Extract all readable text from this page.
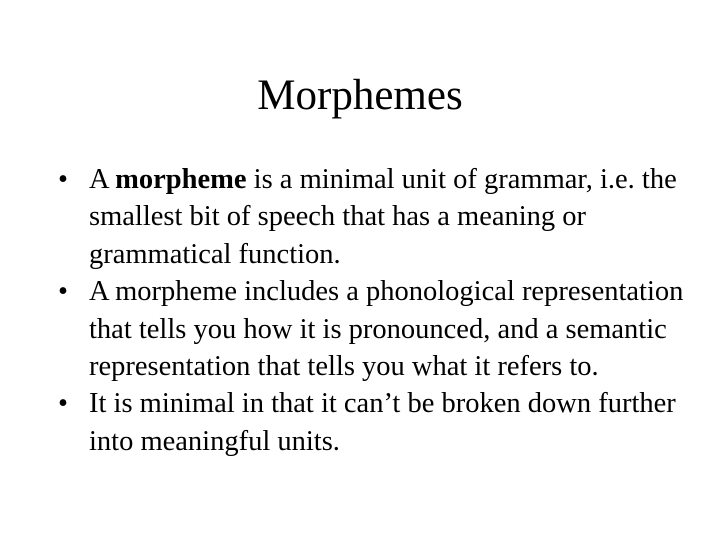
Morphemes
• A morpheme is a minimal unit of grammar, i.e. the smallest bit of speech that has a meaning or grammatical function.
• A morpheme includes a phonological representation that tells you how it is pronounced, and a semantic representation that tells you what it refers to.
• It is minimal in that it can’t be broken down further into meaningful units.
